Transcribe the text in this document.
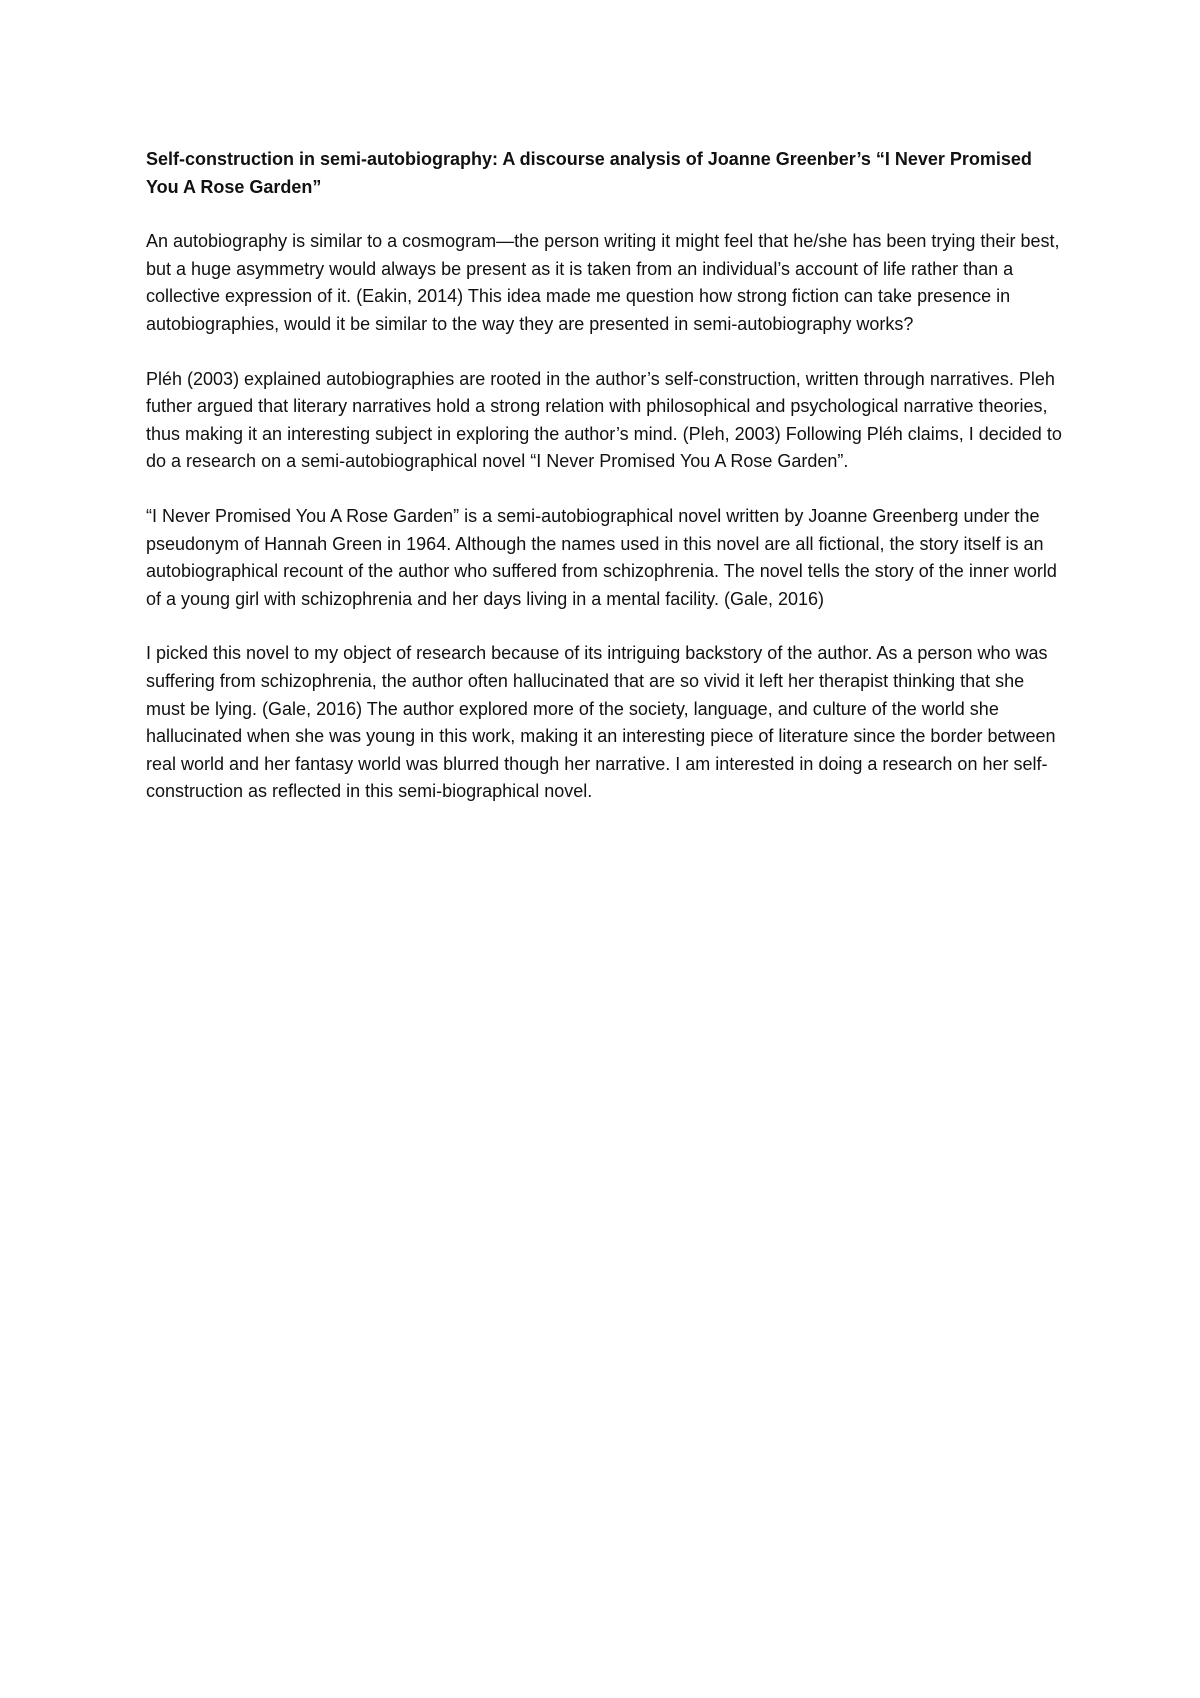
Self-construction in semi-autobiography: A discourse analysis of Joanne Greenber’s “I Never Promised You A Rose Garden”

An autobiography is similar to a cosmogram—the person writing it might feel that he/she has been trying their best, but a huge asymmetry would always be present as it is taken from an individual’s account of life rather than a collective expression of it. (Eakin, 2014) This idea made me question how strong fiction can take presence in autobiographies, would it be similar to the way they are presented in semi-autobiography works?

Pléh (2003) explained autobiographies are rooted in the author’s self-construction, written through narratives. Pleh futher argued that literary narratives hold a strong relation with philosophical and psychological narrative theories, thus making it an interesting subject in exploring the author’s mind. (Pleh, 2003) Following Pléh claims, I decided to do a research on a semi-autobiographical novel “I Never Promised You A Rose Garden”.

“I Never Promised You A Rose Garden” is a semi-autobiographical novel written by Joanne Greenberg under the pseudonym of Hannah Green in 1964. Although the names used in this novel are all fictional, the story itself is an autobiographical recount of the author who suffered from schizophrenia. The novel tells the story of the inner world of a young girl with schizophrenia and her days living in a mental facility. (Gale, 2016)

I picked this novel to my object of research because of its intriguing backstory of the author. As a person who was suffering from schizophrenia, the author often hallucinated that are so vivid it left her therapist thinking that she must be lying. (Gale, 2016) The author explored more of the society, language, and culture of the world she hallucinated when she was young in this work, making it an interesting piece of literature since the border between real world and her fantasy world was blurred though her narrative. I am interested in doing a research on her self-construction as reflected in this semi-biographical novel.
